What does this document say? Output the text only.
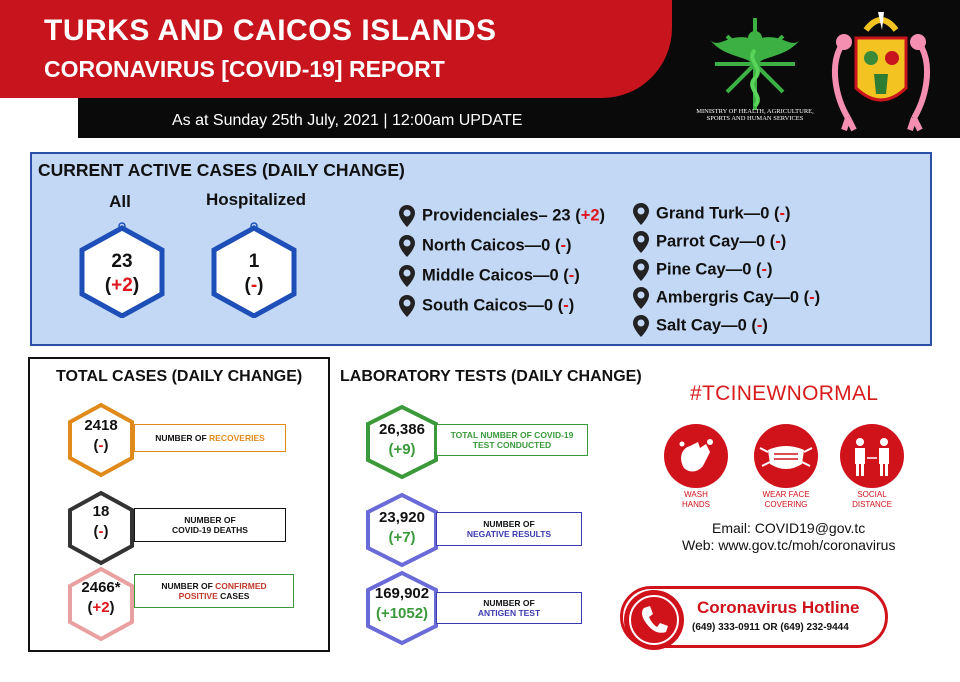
TURKS AND CAICOS ISLANDS
CORONAVIRUS [COVID-19] REPORT
As at Sunday 25th July, 2021 | 12:00am UPDATE
MINISTRY OF HEALTH, AGRICULTURE, SPORTS AND HUMAN SERVICES
CURRENT ACTIVE CASES (DAILY CHANGE)
All	Hospitalized
23
(+2)
1
(-)
Providenciales– 23 (+2)
North Caicos—0 (-)
Middle Caicos—0 (-)
South Caicos—0 (-)
Grand Turk—0 (-)
Parrot Cay—0 (-)
Pine Cay—0 (-)
Ambergris Cay—0 (-)
Salt Cay—0 (-)
TOTAL CASES (DAILY CHANGE)
2418
(-)	NUMBER OF RECOVERIES
18
(-)
NUMBER OF
COVID-19 DEATHS
2466*
(+2)
NUMBER OF CONFIRMED
POSITIVE CASES
LABORATORY TESTS (DAILY CHANGE)
26,386
(+9)
TOTAL NUMBER OF COVID-19
TEST CONDUCTED
23,920
(+7)
NUMBER OF
NEGATIVE RESULTS
169,902
(+1052)
NUMBER OF
ANTIGEN TEST
#TCINEWNORMAL
WASH
HANDS
WEAR FACE
COVERING
SOCIAL
DISTANCE
Email: COVID19@gov.tc
Web: www.gov.tc/moh/coronavirus
Coronavirus Hotline
(649) 333-0911 OR (649) 232-9444
